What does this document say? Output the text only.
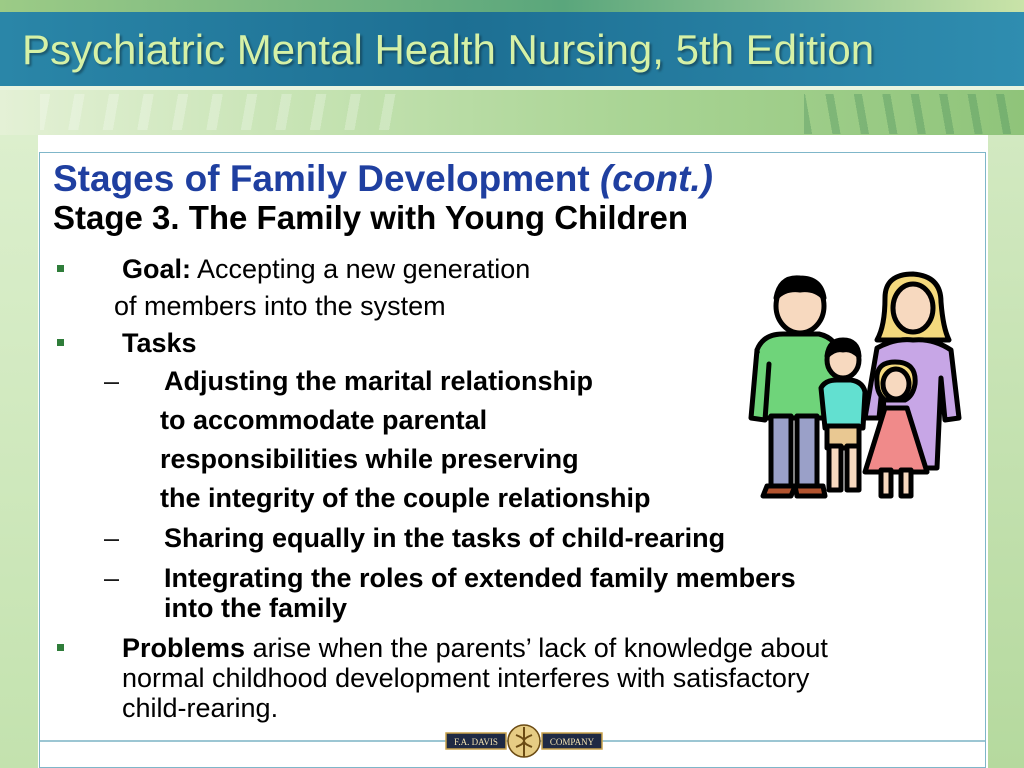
Psychiatric Mental Health Nursing, 5th Edition
Stages of Family Development (cont.)
Stage 3. The Family with Young Children
Goal: Accepting a new generation
of members into the system
Tasks
– Adjusting the marital relationship
to accommodate parental
responsibilities while preserving
the integrity of the couple relationship
– Sharing equally in the tasks of child-rearing
– Integrating the roles of extended family members
into the family
Problems arise when the parents’ lack of knowledge about
normal childhood development interferes with satisfactory
child-rearing.
F.A. DAVIS	COMPANY
